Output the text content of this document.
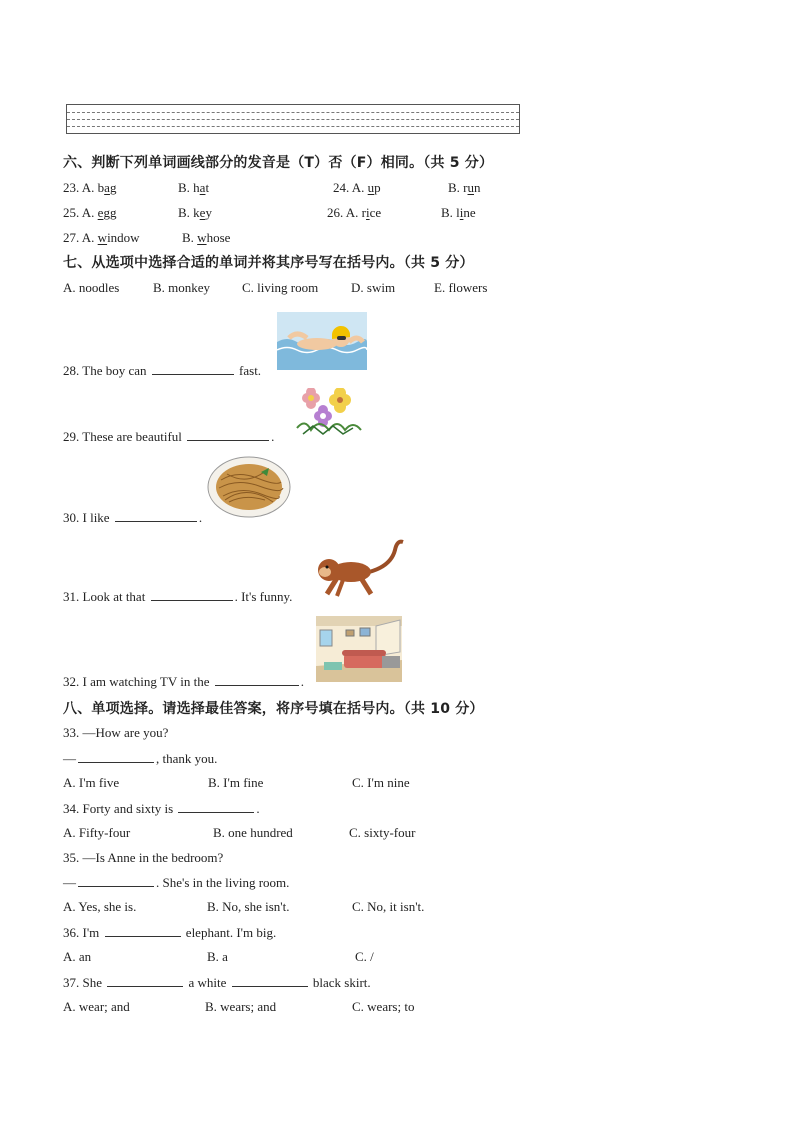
六、判断下列单词画线部分的发音是（T）否（F）相同。（共 5 分）
23. A. bag	B. hat	24. A. up	B. run
25. A. egg	B. key	26. A. rice	B. line
27. A. window	B. whose
七、从选项中选择合适的单词并将其序号写在括号内。（共 5 分）
A. noodles	B. monkey C. living room	D. swim	E. flowers
28. The boy can	fast.
29. These are beautiful	.
30. I like	.
31. Look at that	. It's funny.
32. I am watching TV in the	.
八、单项选择。请选择最佳答案，将序号填在括号内。（共 10 分）
33. —How are you?
—	, thank you.
A. I'm five	B. I'm fine	C. I'm nine
34. Forty and sixty is	.
A. Fifty-four	B. one hundred	C. sixty-four
35. —Is Anne in the bedroom?
—	. She's in the living room.
A. Yes, she is.	B. No, she isn't.	C. No, it isn't.
36. I'm	elephant. I'm big.
A. an	B. a	C. /
37. She	a white	black skirt.
A. wear; and	B. wears; and	C. wears; to
